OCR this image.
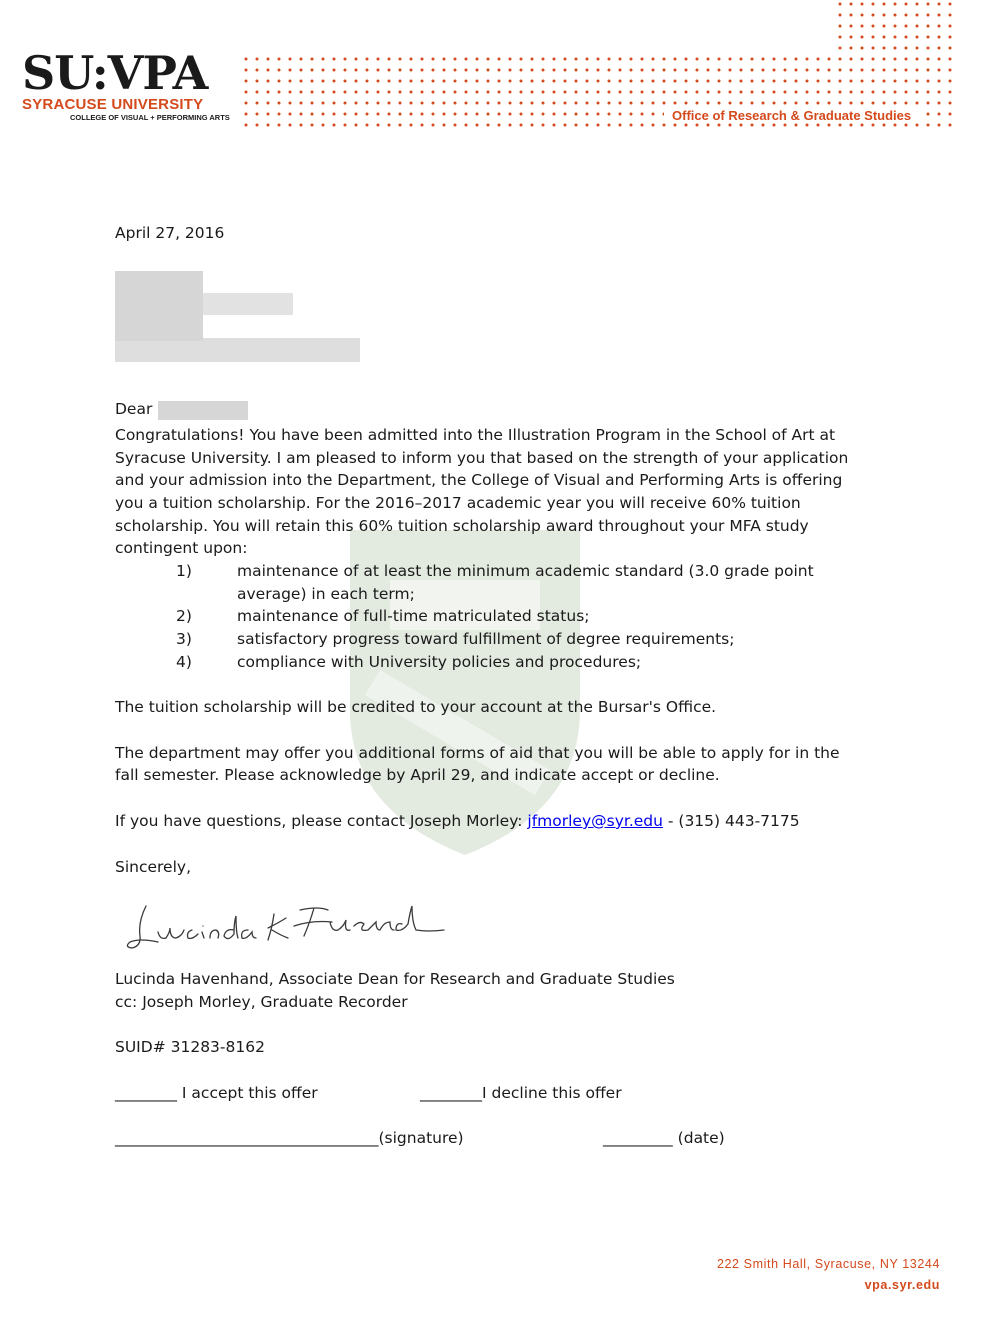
SU:VPA
SYRACUSE UNIVERSITY
COLLEGE OF VISUAL + PERFORMING ARTS	Office of Research & Graduate Studies
April 27, 2016
Dear
Congratulations! You have been admitted into the Illustration Program in the School of Art at
Syracuse University. I am pleased to inform you that based on the strength of your application
and your admission into the Department, the College of Visual and Performing Arts is offering
you a tuition scholarship. For the 2016–2017 academic year you will receive 60% tuition
scholarship. You will retain this 60% tuition scholarship award throughout your MFA study
contingent upon:
1)	maintenance of at least the minimum academic standard (3.0 grade point
average) in each term;
2)	maintenance of full-time matriculated status;
3)	satisfactory progress toward fulfillment of degree requirements;
4)	compliance with University policies and procedures;
The tuition scholarship will be credited to your account at the Bursar's Office.
The department may offer you additional forms of aid that you will be able to apply for in the
fall semester. Please acknowledge by April 29, and indicate accept or decline.
If you have questions, please contact Joseph Morley: jfmorley@syr.edu - (315) 443-7175
Sincerely,
Lucinda Havenhand, Associate Dean for Research and Graduate Studies
cc: Joseph Morley, Graduate Recorder
SUID# 31283-8162
________ I accept this offer	________I decline this offer
__________________________________(signature)	_________ (date)
222 Smith Hall, Syracuse, NY 13244
vpa.syr.edu
